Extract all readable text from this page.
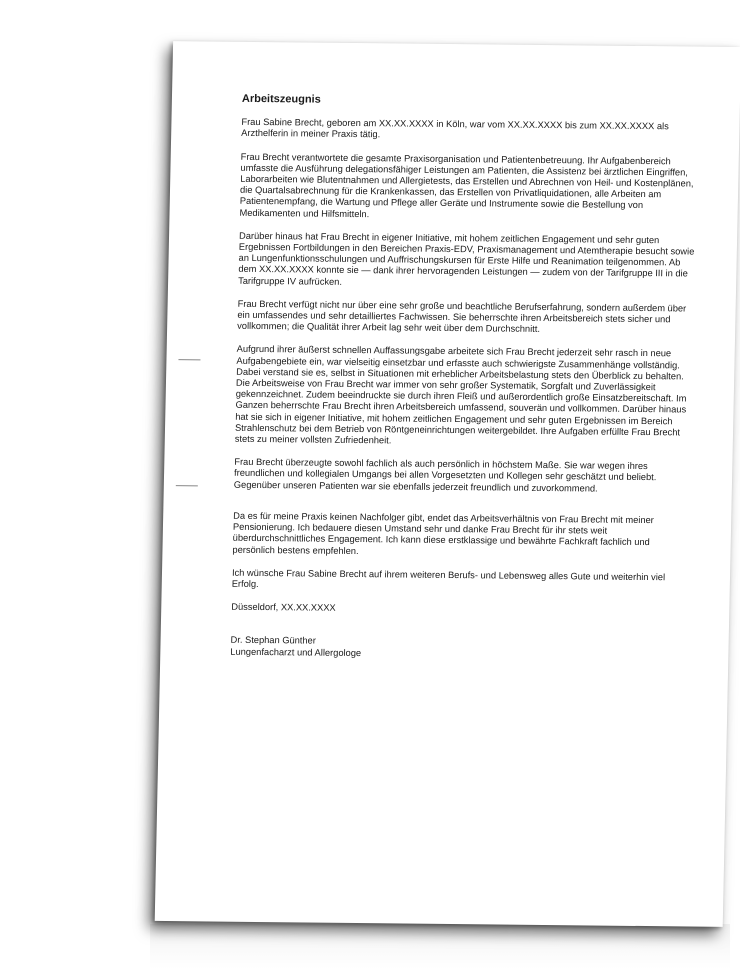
Arbeitszeugnis

Frau Sabine Brecht, geboren am XX.XX.XXXX in Köln, war vom XX.XX.XXXX bis zum XX.XX.XXXX als Arzthelferin in meiner Praxis tätig.

Frau Brecht verantwortete die gesamte Praxisorganisation und Patientenbetreuung. Ihr Aufgabenbereich umfasste die Ausführung delegationsfähiger Leistungen am Patienten, die Assistenz bei ärztlichen Eingriffen, Laborarbeiten wie Blutentnahmen und Allergietests, das Erstellen und Abrechnen von Heil- und Kostenplänen, die Quartalsabrechnung für die Krankenkassen, das Erstellen von Privatliquidationen, alle Arbeiten am Patientenempfang, die Wartung und Pflege aller Geräte und Instrumente sowie die Bestellung von Medikamenten und Hilfsmitteln.

Darüber hinaus hat Frau Brecht in eigener Initiative, mit hohem zeitlichen Engagement und sehr guten Ergebnissen Fortbildungen in den Bereichen Praxis-EDV, Praxismanagement und Atemtherapie besucht sowie an Lungenfunktionsschulungen und Auffrischungskursen für Erste Hilfe und Reanimation teilgenommen. Ab dem XX.XX.XXXX konnte sie — dank ihrer hervoragenden Leistungen — zudem von der Tarifgruppe III in die Tarifgruppe IV aufrücken.

Frau Brecht verfügt nicht nur über eine sehr große und beachtliche Berufserfahrung, sondern außerdem über ein umfassendes und sehr detailliertes Fachwissen. Sie beherrschte ihren Arbeitsbereich stets sicher und vollkommen; die Qualität ihrer Arbeit lag sehr weit über dem Durchschnitt.

Aufgrund ihrer äußerst schnellen Auffassungsgabe arbeitete sich Frau Brecht jederzeit sehr rasch in neue Aufgabengebiete ein, war vielseitig einsetzbar und erfasste auch schwierigste Zusammenhänge vollständig. Dabei verstand sie es, selbst in Situationen mit erheblicher Arbeitsbelastung stets den Überblick zu behalten. Die Arbeitsweise von Frau Brecht war immer von sehr großer Systematik, Sorgfalt und Zuverlässigkeit gekennzeichnet. Zudem beeindruckte sie durch ihren Fleiß und außerordentlich große Einsatzbereitschaft. Im Ganzen beherrschte Frau Brecht ihren Arbeitsbereich umfassend, souverän und vollkommen. Darüber hinaus hat sie sich in eigener Initiative, mit hohem zeitlichen Engagement und sehr guten Ergebnissen im Bereich Strahlenschutz bei dem Betrieb von Röntgeneinrichtungen weitergebildet. Ihre Aufgaben erfüllte Frau Brecht stets zu meiner vollsten Zufriedenheit.

Frau Brecht überzeugte sowohl fachlich als auch persönlich in höchstem Maße. Sie war wegen ihres freundlichen und kollegialen Umgangs bei allen Vorgesetzten und Kollegen sehr geschätzt und beliebt. Gegenüber unseren Patienten war sie ebenfalls jederzeit freundlich und zuvorkommend.

Da es für meine Praxis keinen Nachfolger gibt, endet das Arbeitsverhältnis von Frau Brecht mit meiner Pensionierung. Ich bedauere diesen Umstand sehr und danke Frau Brecht für ihr stets weit überdurchschnittliches Engagement. Ich kann diese erstklassige und bewährte Fachkraft fachlich und persönlich bestens empfehlen.

Ich wünsche Frau Sabine Brecht auf ihrem weiteren Berufs- und Lebensweg alles Gute und weiterhin viel Erfolg.

Düsseldorf, XX.XX.XXXX

Dr. Stephan Günther

Lungenfacharzt und Allergologe
